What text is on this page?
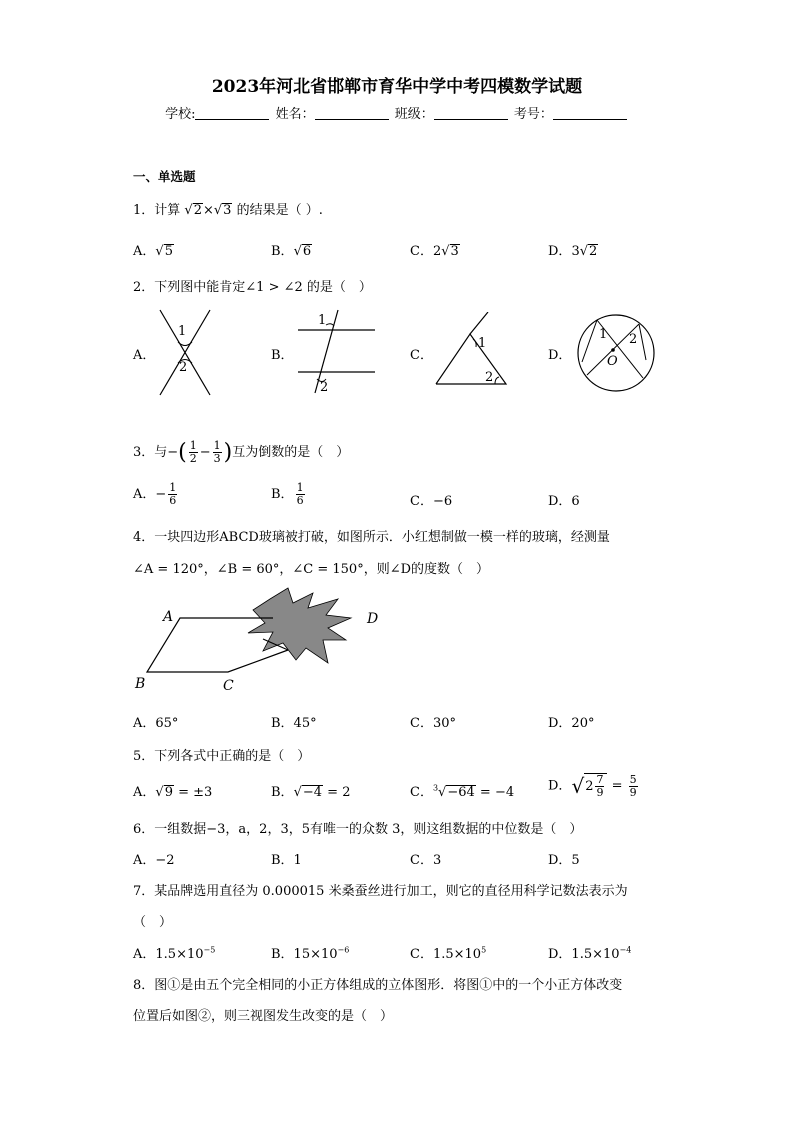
2023年河北省邯郸市育华中学中考四模数学试题
学校:	姓名：	班级：	考号：
一、单选题
1．计算 √2×√3 的结果是（ ）.
A．√5	B．√6	C．2√3	D．3√2
2．下列图中能肯定∠1 > ∠2 的是（　）
A．	B．	C．	D．
1
2
1
2
1
2
1 2
O
3．与−( $\frac{1}{2} - \frac{1}{3}$ )互为倒数的是（　）
A．− $\frac{1}{6}$	B． $\frac{1}{6}$	C．−6	D．6
4．一块四边形ABCD玻璃被打破，如图所示．小红想制做一模一样的玻璃，经测量
∠A = 120°，∠B = 60°，∠C = 150°，则∠D的度数（　）
A
B	C
D
A．65°	B．45°	C．30°	D．20°
5．下列各式中正确的是（　）
A．√9 = ±3	B．√−4 = 2	C．$^3$√−64 = −4	D．$√2 \frac{7}{9} = \frac{5}{9}$
6．一组数据−3，a，2，3，5有唯一的众数 3，则这组数据的中位数是（　）
A．−2	B．1	C．3	D．5
7．某品牌选用直径为 0.000015 米桑蚕丝进行加工，则它的直径用科学记数法表示为
（　）
A．$1.5\times 10^{-5}$	B．$15\times 10^{-6}$	C．$1.5\times 10^5$	D．$1.5\times 10^{-4}$
8．图①是由五个完全相同的小正方体组成的立体图形．将图①中的一个小正方体改变
位置后如图②，则三视图发生改变的是（　）
